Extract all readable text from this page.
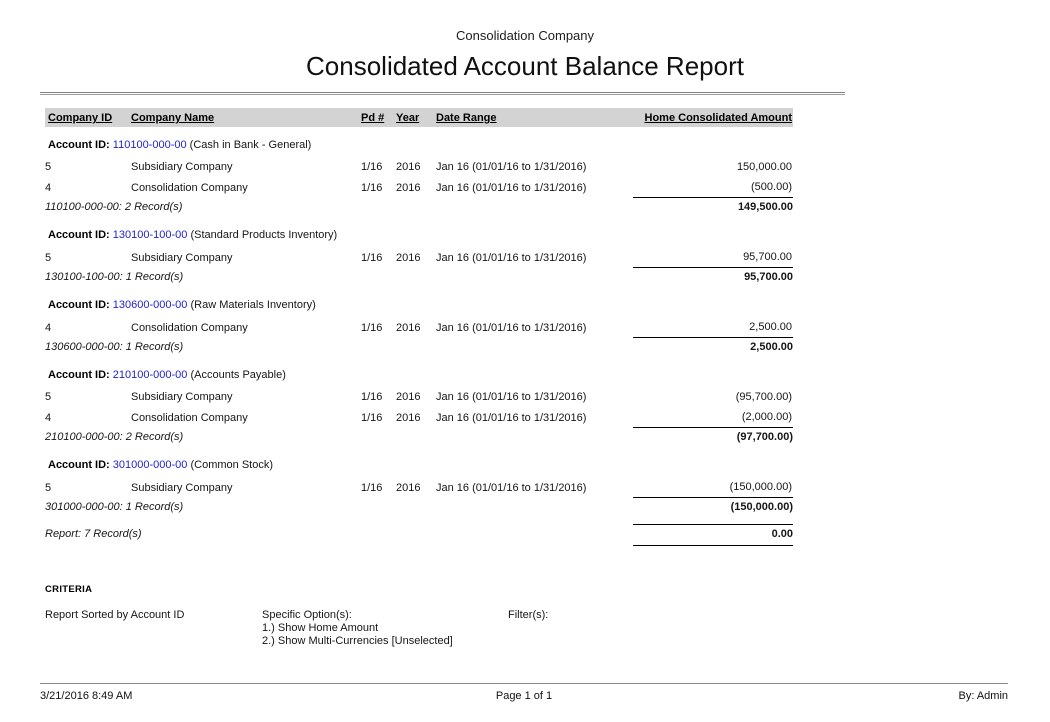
Consolidation Company
Consolidated Account Balance Report
Company ID	Company Name	Pd #	Year	Date Range	Home Consolidated Amount
Account ID: 110100-000-00 (Cash in Bank - General)					
5	Subsidiary Company	1/16	2016	Jan 16 (01/01/16 to 1/31/2016)	150,000.00
4	Consolidation Company	1/16	2016	Jan 16 (01/01/16 to 1/31/2016)	(500.00)
110100-000-00: 2 Record(s)					149,500.00
Account ID: 130100-100-00 (Standard Products Inventory)					
5	Subsidiary Company	1/16	2016	Jan 16 (01/01/16 to 1/31/2016)	95,700.00
130100-100-00: 1 Record(s)					95,700.00
Account ID: 130600-000-00 (Raw Materials Inventory)					
4	Consolidation Company	1/16	2016	Jan 16 (01/01/16 to 1/31/2016)	2,500.00
130600-000-00: 1 Record(s)					2,500.00
Account ID: 210100-000-00 (Accounts Payable)					
5	Subsidiary Company	1/16	2016	Jan 16 (01/01/16 to 1/31/2016)	(95,700.00)
4	Consolidation Company	1/16	2016	Jan 16 (01/01/16 to 1/31/2016)	(2,000.00)
210100-000-00: 2 Record(s)					(97,700.00)
Account ID: 301000-000-00 (Common Stock)					
5	Subsidiary Company	1/16	2016	Jan 16 (01/01/16 to 1/31/2016)	(150,000.00)
301000-000-00: 1 Record(s)					(150,000.00)

Report: 7 Record(s)					0.00
CRITERIA
Report Sorted by Account ID	Specific Option(s):
1.) Show Home Amount
2.) Show Multi-Currencies [Unselected]
Filter(s):
3/21/2016 8:49 AM	Page 1 of 1	By: Admin
